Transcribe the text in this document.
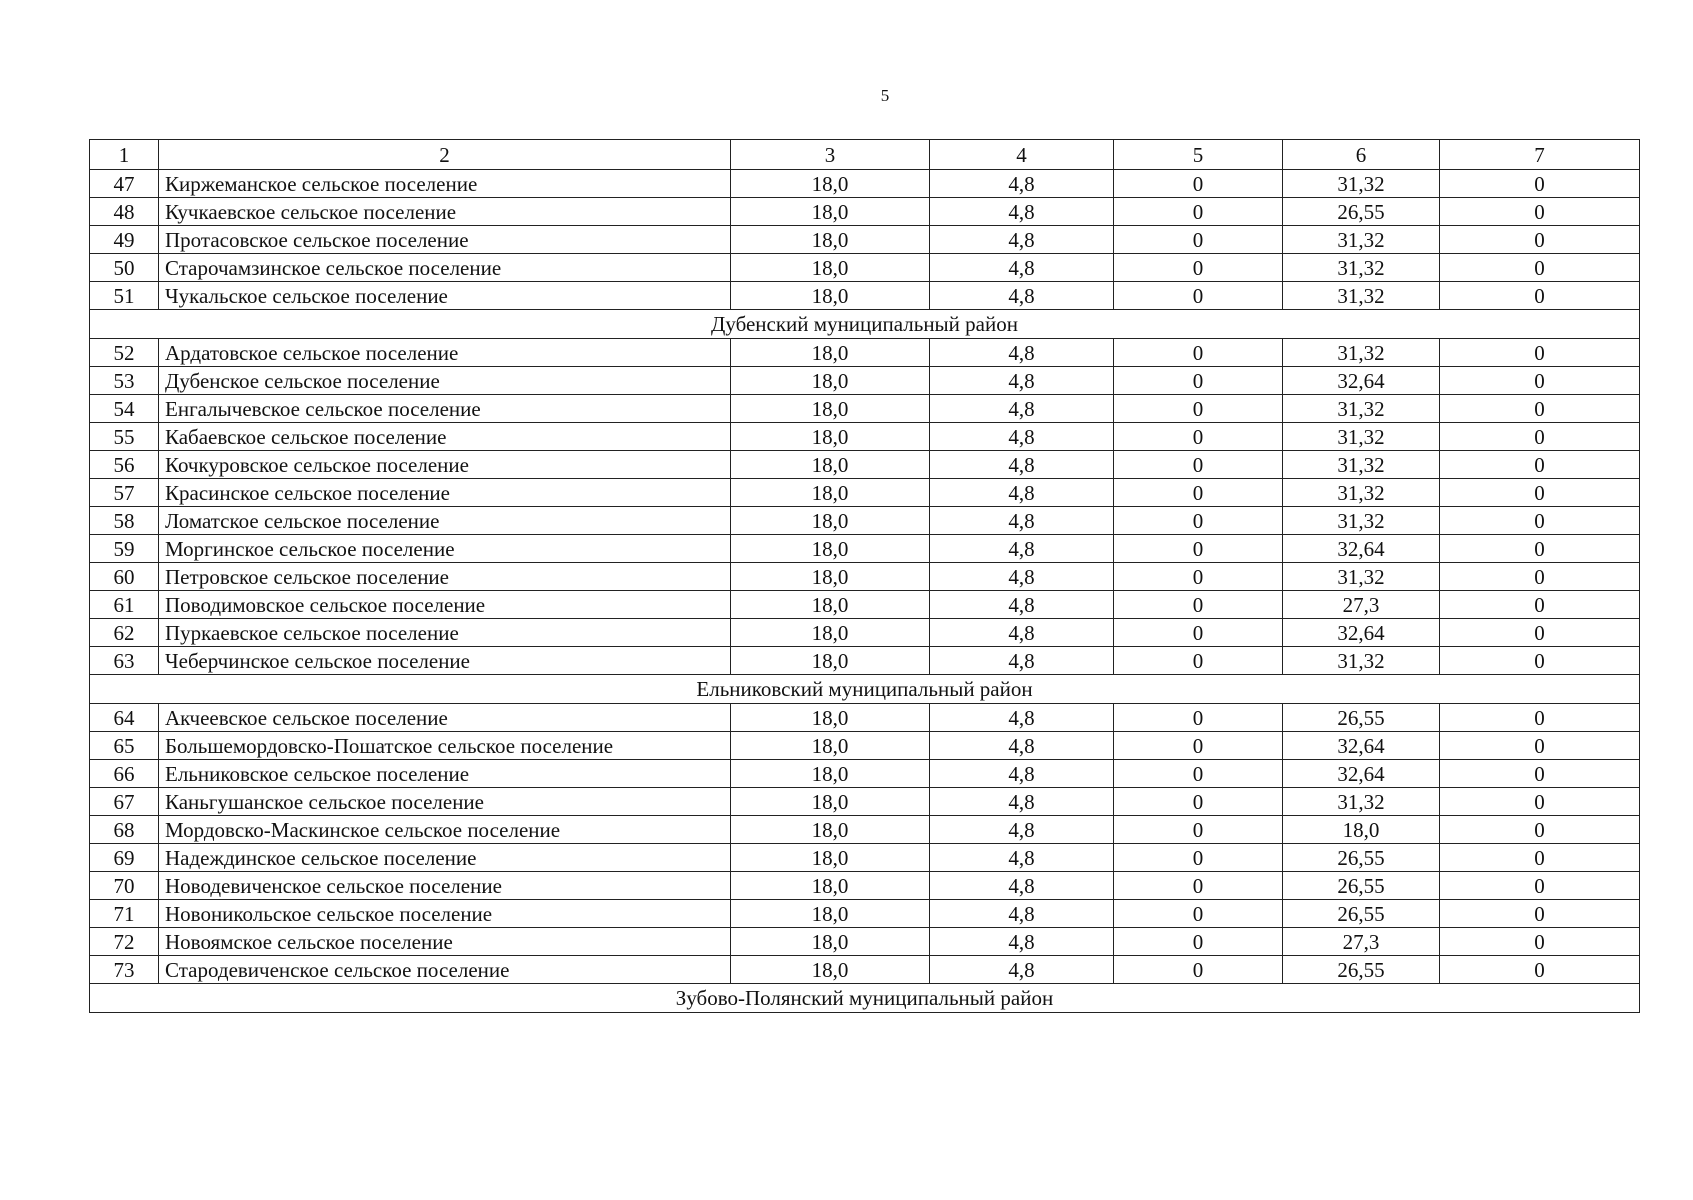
5
1	2	3	4	5	6	7
47	Киржеманское сельское поселение	18,0	4,8	0	31,32	0
48	Кучкаевское сельское поселение	18,0	4,8	0	26,55	0
49	Протасовское сельское поселение	18,0	4,8	0	31,32	0
50	Старочамзинское сельское поселение	18,0	4,8	0	31,32	0
51	Чукальское сельское поселение	18,0	4,8	0	31,32	0
Дубенский муниципальный район						
52	Ардатовское сельское поселение	18,0	4,8	0	31,32	0
53	Дубенское сельское поселение	18,0	4,8	0	32,64	0
54	Енгалычевское сельское поселение	18,0	4,8	0	31,32	0
55	Кабаевское сельское поселение	18,0	4,8	0	31,32	0
56	Кочкуровское сельское поселение	18,0	4,8	0	31,32	0
57	Красинское сельское поселение	18,0	4,8	0	31,32	0
58	Ломатское сельское поселение	18,0	4,8	0	31,32	0
59	Моргинское сельское поселение	18,0	4,8	0	32,64	0
60	Петровское сельское поселение	18,0	4,8	0	31,32	0
61	Поводимовское сельское поселение	18,0	4,8	0	27,3	0
62	Пуркаевское сельское поселение	18,0	4,8	0	32,64	0
63	Чеберчинское сельское поселение	18,0	4,8	0	31,32	0
Ельниковский муниципальный район						
64	Акчеевское сельское поселение	18,0	4,8	0	26,55	0
65	Большемордовско-Пошатское сельское поселение	18,0	4,8	0	32,64	0
66	Ельниковское сельское поселение	18,0	4,8	0	32,64	0
67	Каньгушанское сельское поселение	18,0	4,8	0	31,32	0
68	Мордовско-Маскинское сельское поселение	18,0	4,8	0	18,0	0
69	Надеждинское сельское поселение	18,0	4,8	0	26,55	0
70	Новодевиченское сельское поселение	18,0	4,8	0	26,55	0
71	Новоникольское сельское поселение	18,0	4,8	0	26,55	0
72	Новоямское сельское поселение	18,0	4,8	0	27,3	0
73	Стародевиченское сельское поселение	18,0	4,8	0	26,55	0
Зубово-Полянский муниципальный район						
